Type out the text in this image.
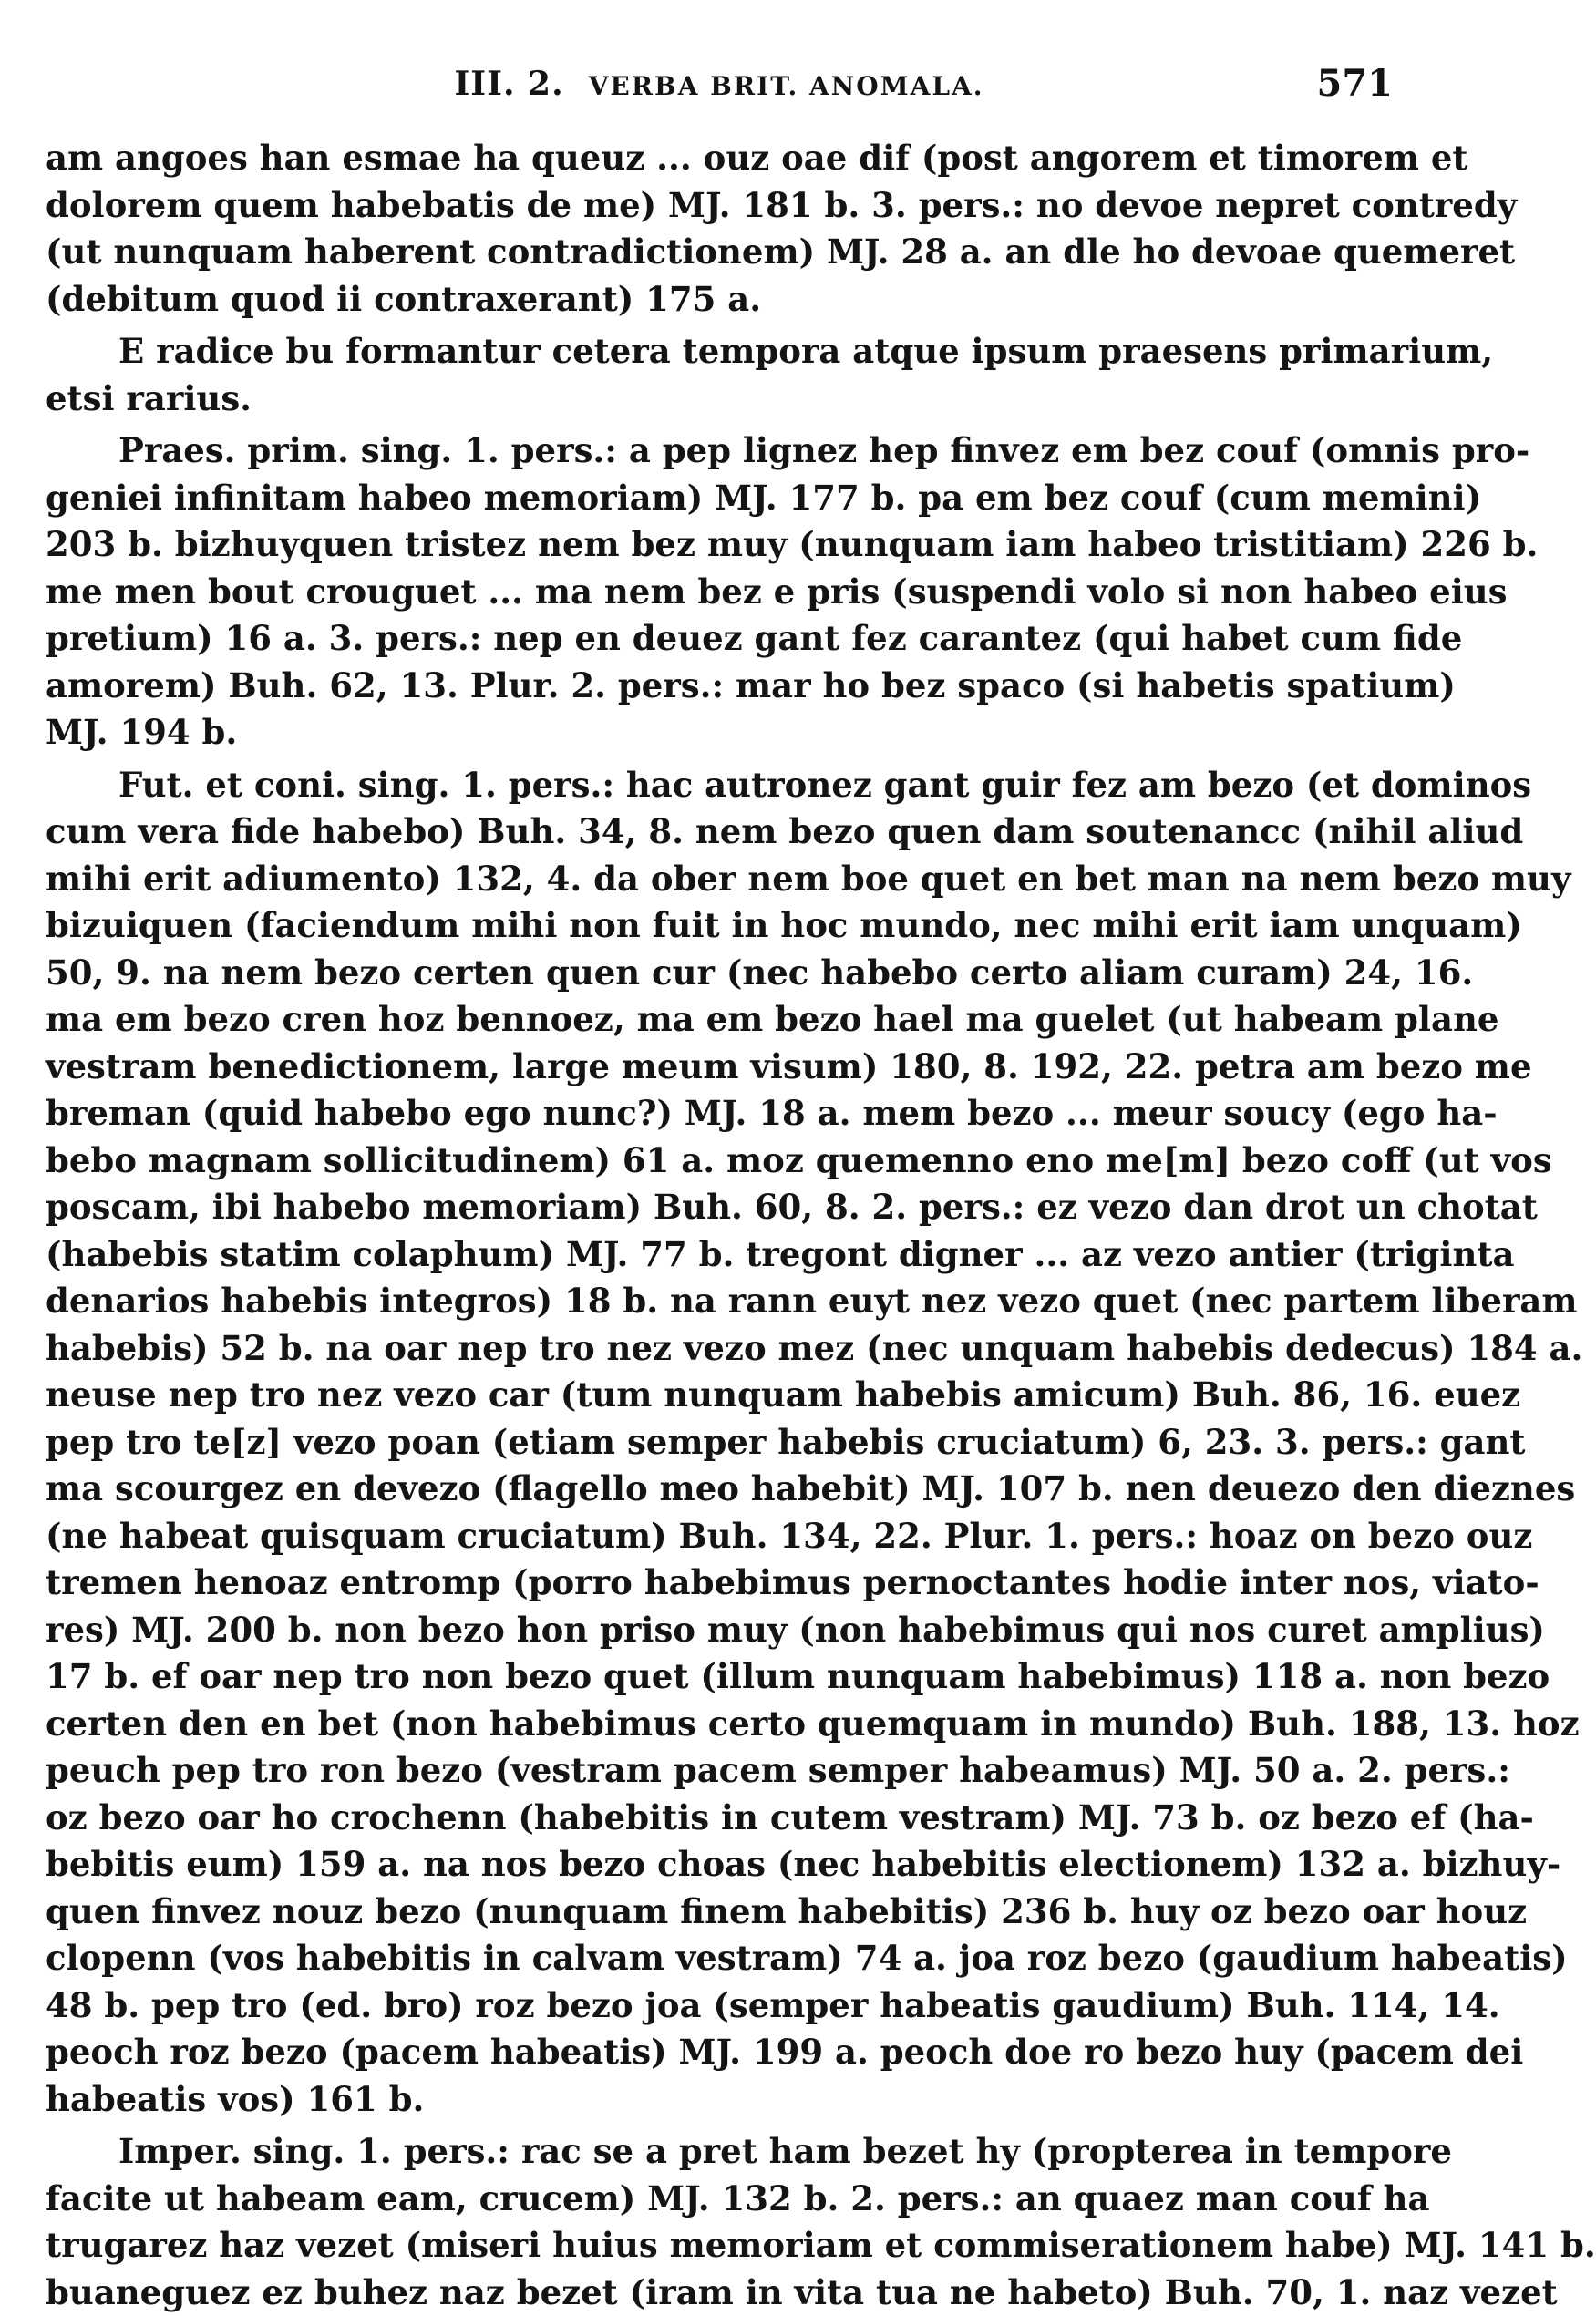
III. 2. VERBA BRIT. ANOMALA.	571
am angoes han esmae ha queuz ... ouz oae dif (post angorem et timorem et
dolorem quem habebatis de me) MJ. 181 b. 3. pers.: no devoe nepret contredy
(ut nunquam haberent contradictionem) MJ. 28 a. an dle ho devoae quemeret
(debitum quod ii contraxerant) 175 a.
E radice bu formantur cetera tempora atque ipsum praesens primarium,
etsi rarius.
Praes. prim. sing. 1. pers.: a pep lignez hep finvez em bez couf (omnis pro-
geniei infinitam habeo memoriam) MJ. 177 b. pa em bez couf (cum memini)
203 b. bizhuyquen tristez nem bez muy (nunquam iam habeo tristitiam) 226 b.
me men bout crouguet ... ma nem bez e pris (suspendi volo si non habeo eius
pretium) 16 a. 3. pers.: nep en deuez gant fez carantez (qui habet cum fide
amorem) Buh. 62, 13. Plur. 2. pers.: mar ho bez spaco (si habetis spatium)
MJ. 194 b.
Fut. et coni. sing. 1. pers.: hac autronez gant guir fez am bezo (et dominos
cum vera fide habebo) Buh. 34, 8. nem bezo quen dam soutenancc (nihil aliud
mihi erit adiumento) 132, 4. da ober nem boe quet en bet man na nem bezo muy
bizuiquen (faciendum mihi non fuit in hoc mundo, nec mihi erit iam unquam)
50, 9. na nem bezo certen quen cur (nec habebo certo aliam curam) 24, 16.
ma em bezo cren hoz bennoez, ma em bezo hael ma guelet (ut habeam plane
vestram benedictionem, large meum visum) 180, 8. 192, 22. petra am bezo me
breman (quid habebo ego nunc?) MJ. 18 a. mem bezo ... meur soucy (ego ha-
bebo magnam sollicitudinem) 61 a. moz quemenno eno me[m] bezo coff (ut vos
poscam, ibi habebo memoriam) Buh. 60, 8. 2. pers.: ez vezo dan drot un chotat
(habebis statim colaphum) MJ. 77 b. tregont digner ... az vezo antier (triginta
denarios habebis integros) 18 b. na rann euyt nez vezo quet (nec partem liberam
habebis) 52 b. na oar nep tro nez vezo mez (nec unquam habebis dedecus) 184 a.
neuse nep tro nez vezo car (tum nunquam habebis amicum) Buh. 86, 16. euez
pep tro te[z] vezo poan (etiam semper habebis cruciatum) 6, 23. 3. pers.: gant
ma scourgez en devezo (flagello meo habebit) MJ. 107 b. nen deuezo den dieznes
(ne habeat quisquam cruciatum) Buh. 134, 22. Plur. 1. pers.: hoaz on bezo ouz
tremen henoaz entromp (porro habebimus pernoctantes hodie inter nos, viato-
res) MJ. 200 b. non bezo hon priso muy (non habebimus qui nos curet amplius)
17 b. ef oar nep tro non bezo quet (illum nunquam habebimus) 118 a. non bezo
certen den en bet (non habebimus certo quemquam in mundo) Buh. 188, 13. hoz
peuch pep tro ron bezo (vestram pacem semper habeamus) MJ. 50 a. 2. pers.:
oz bezo oar ho crochenn (habebitis in cutem vestram) MJ. 73 b. oz bezo ef (ha-
bebitis eum) 159 a. na nos bezo choas (nec habebitis electionem) 132 a. bizhuy-
quen finvez nouz bezo (nunquam finem habebitis) 236 b. huy oz bezo oar houz
clopenn (vos habebitis in calvam vestram) 74 a. joa roz bezo (gaudium habeatis)
48 b. pep tro (ed. bro) roz bezo joa (semper habeatis gaudium) Buh. 114, 14.
peoch roz bezo (pacem habeatis) MJ. 199 a. peoch doe ro bezo huy (pacem dei
habeatis vos) 161 b.
Imper. sing. 1. pers.: rac se a pret ham bezet hy (propterea in tempore
facite ut habeam eam, crucem) MJ. 132 b. 2. pers.: an quaez man couf ha
trugarez haz vezet (miseri huius memoriam et commiserationem habe) MJ. 141 b.
buaneguez ez buhez naz bezet (iram in vita tua ne habeto) Buh. 70, 1. naz vezet
